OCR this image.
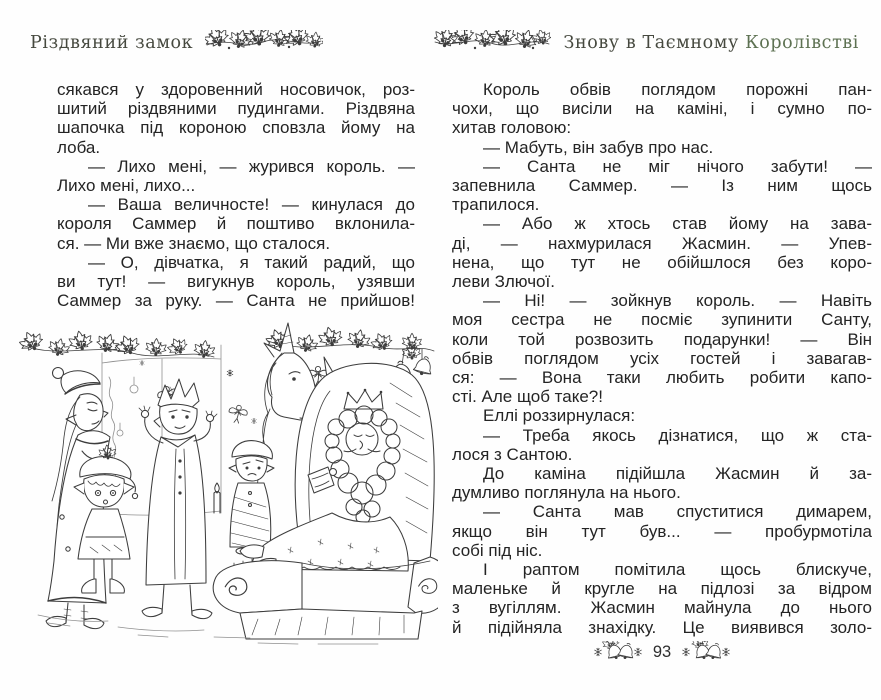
Різдвяний замок	Знову в Таємному Королівстві
сякався у здоровенний носовичок, роз-
шитий різдвяними пудингами. Різдвяна
шапочка під короною сповзла йому на
лоба.
— Лихо мені, — журився король. —
Лихо мені, лихо...
— Ваша величносте! — кинулася до
короля Саммер й поштиво вклонила-
ся. — Ми вже знаємо, що сталося.
— О, дівчатка, я такий радий, що
ви тут! — вигукнув король, узявши
Саммер за руку. — Санта не прийшов!
Король обвів поглядом порожні пан-
чохи, що висіли на каміні, і сумно по-
хитав головою:
— Мабуть, він забув про нас.
— Санта не міг нічого забути! —
запевнила Саммер. — Із ним щось
трапилося.
— Або ж хтось став йому на зава-
ді, — нахмурилася Жасмин. — Упев-
нена, що тут не обійшлося без коро-
леви Злючої.
— Ні! — зойкнув король. — Навіть
моя сестра не посміє зупинити Санту,
коли той розвозить подарунки! — Він
обвів поглядом усіх гостей і завагав-
ся: — Вона таки любить робити капо-
сті. Але щоб таке?!
Еллі роззирнулася:
— Треба якось дізнатися, що ж ста-
лося з Сантою.
До каміна підійшла Жасмин й за-
думливо поглянула на нього.
— Санта мав спуститися димарем,
якщо він тут був... — пробурмотіла
собі під ніс.
І раптом помітила щось блискуче,
маленьке й кругле на підлозі за відром
з вугіллям. Жасмин майнула до нього
й підійняла знахідку. Це виявився золо-
93
